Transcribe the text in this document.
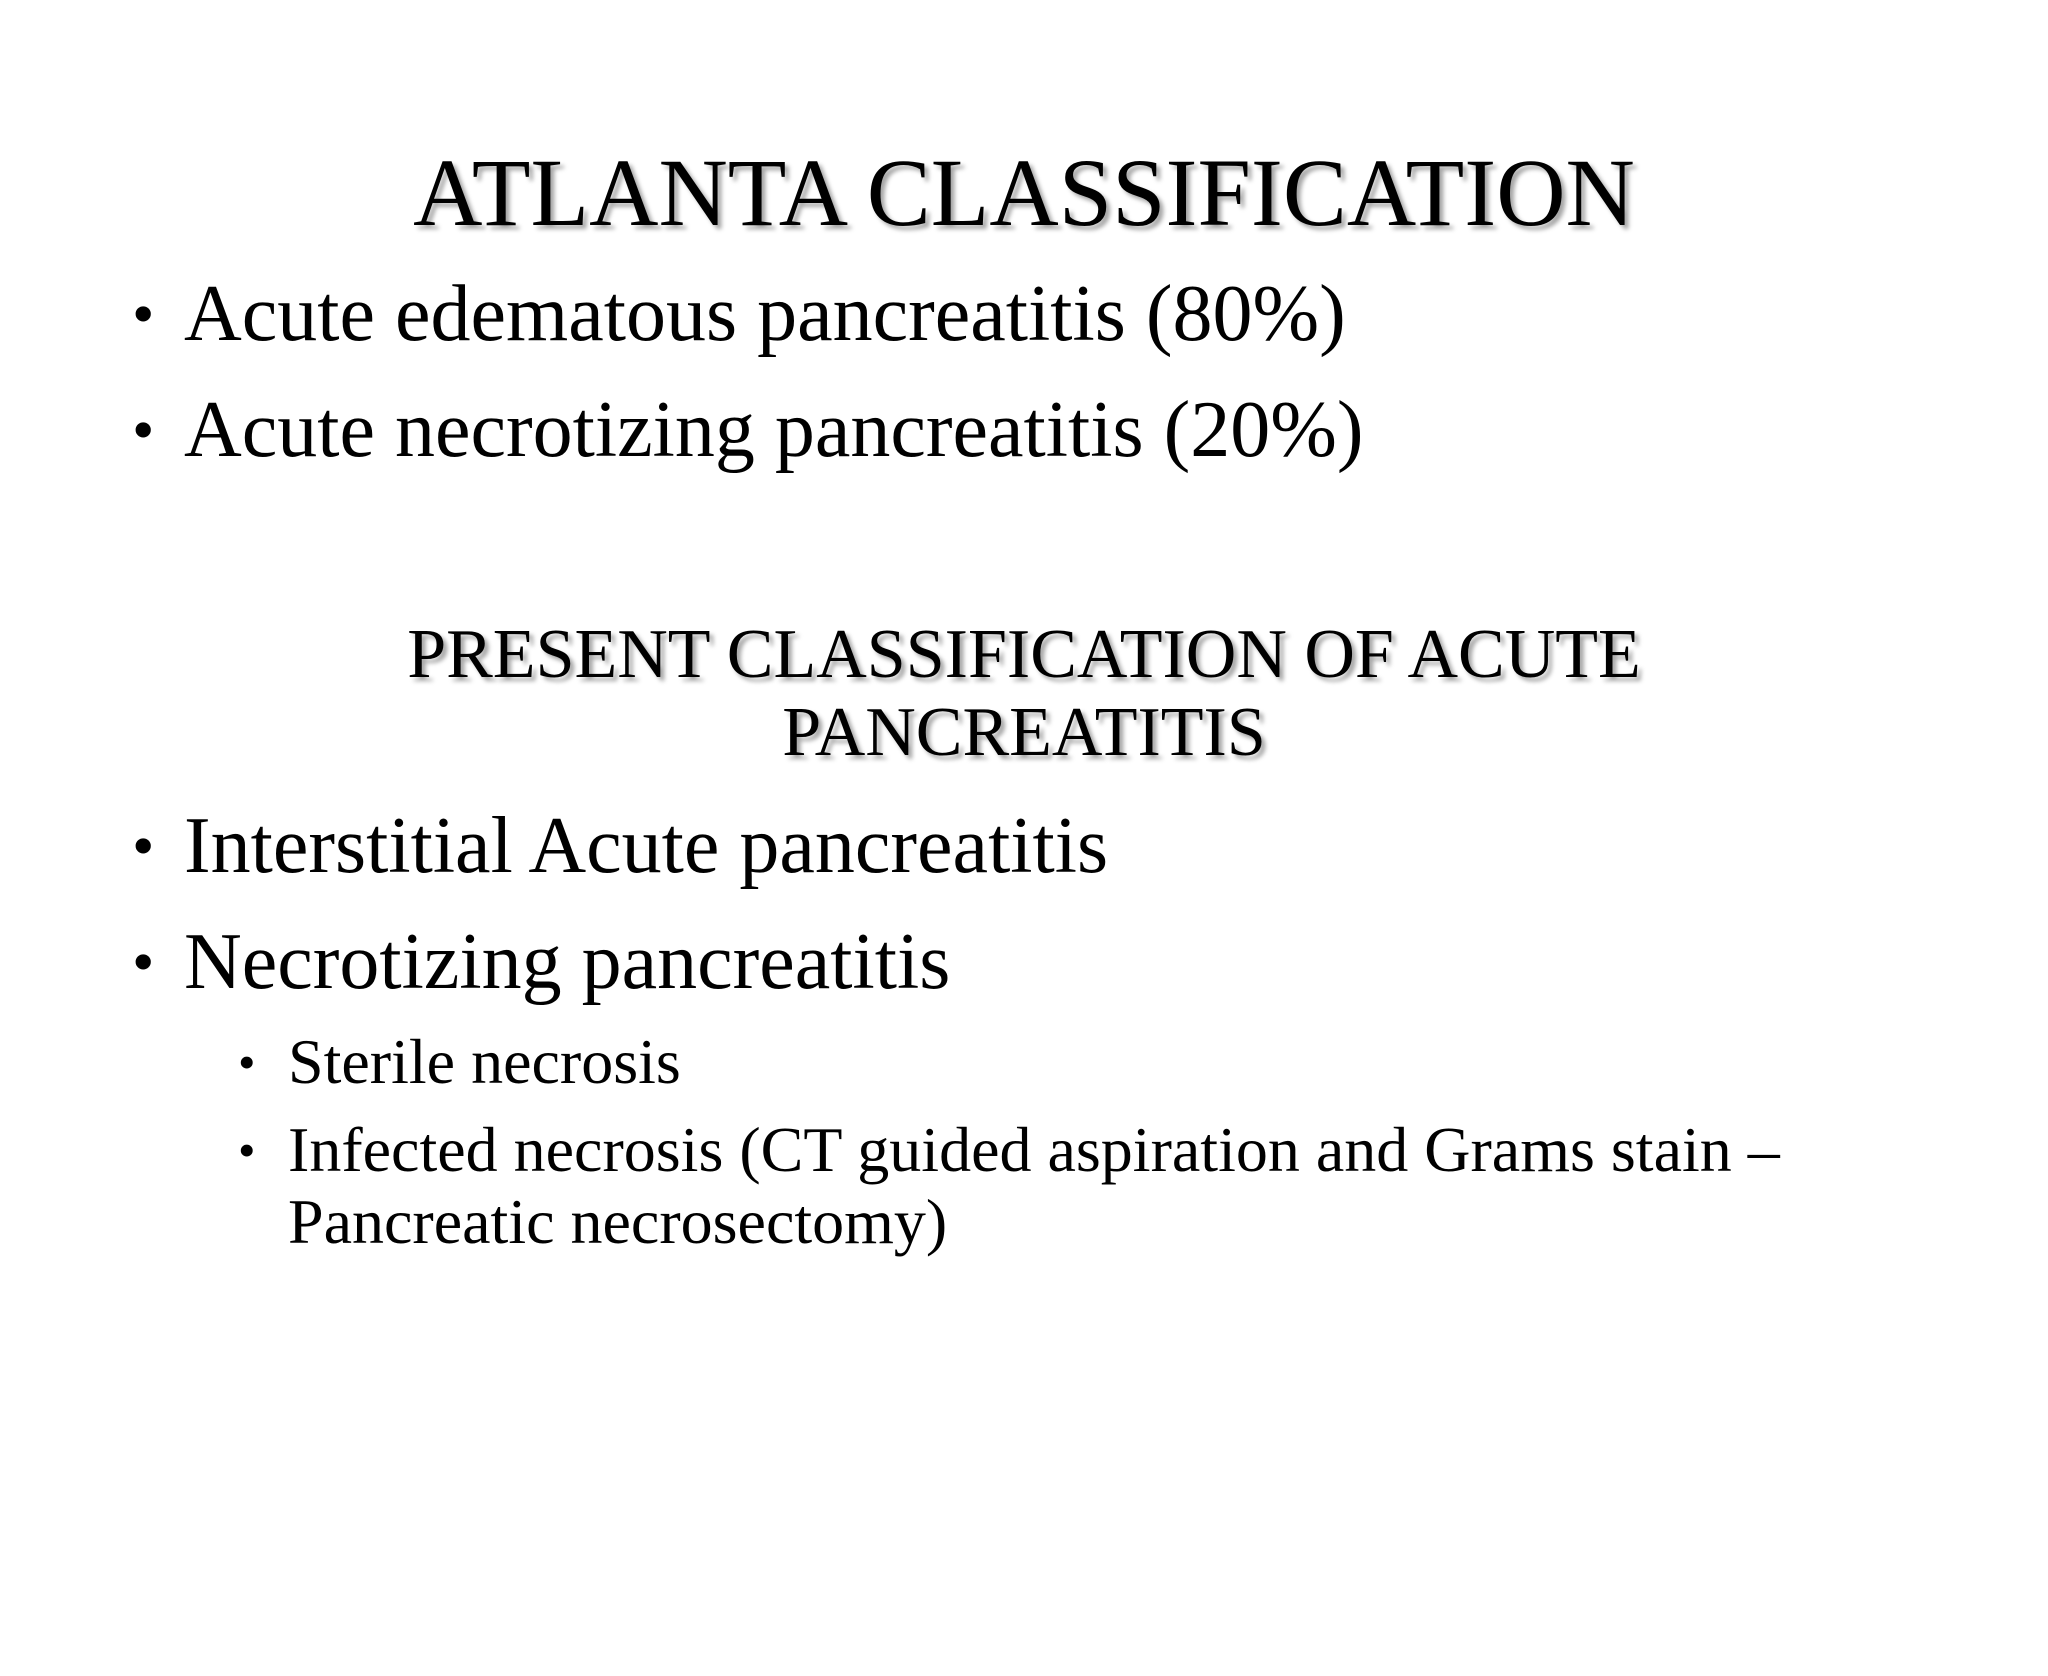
ATLANTA CLASSIFICATION
• Acute edematous pancreatitis (80%)
• Acute necrotizing pancreatitis (20%)
PRESENT CLASSIFICATION OF ACUTE
PANCREATITIS
• Interstitial Acute pancreatitis
• Necrotizing pancreatitis
• Sterile necrosis
• Infected necrosis (CT guided aspiration and Grams stain –
Pancreatic necrosectomy)
